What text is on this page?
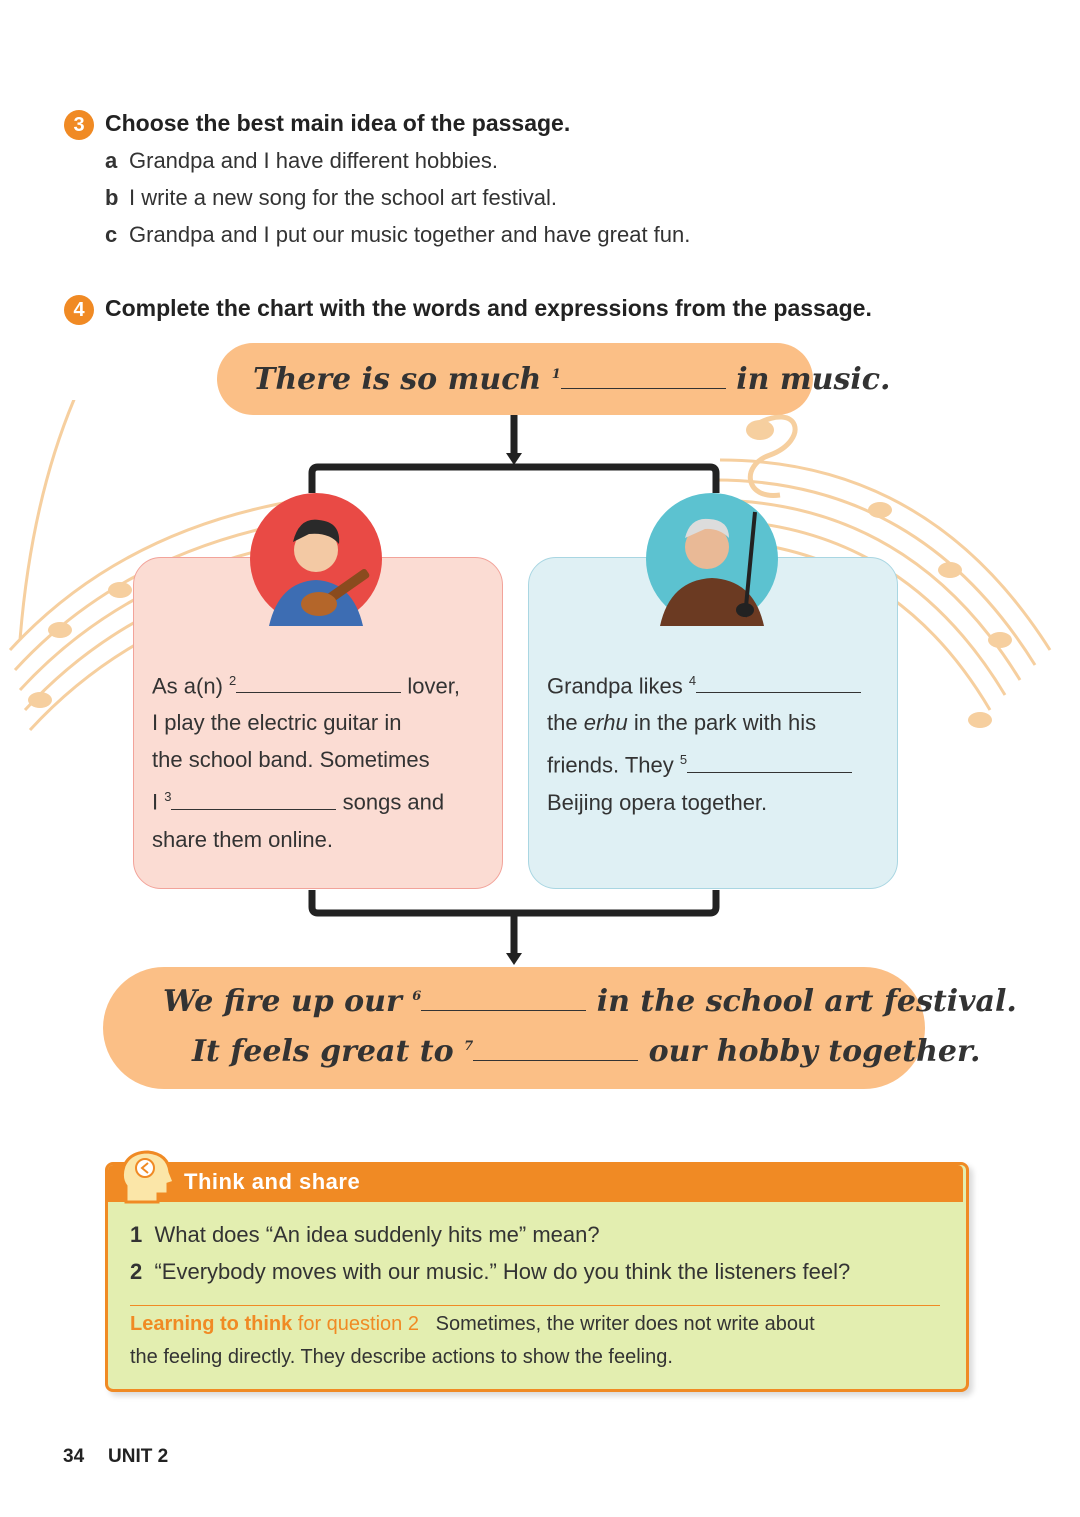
3 Choose the best main idea of the passage.
a Grandpa and I have different hobbies.
b I write a new song for the school art festival.
c Grandpa and I put our music together and have great fun.
4 Complete the chart with the words and expressions from the passage.
There is so much $^1$	in music.
As a(n) $^2$	lover,
I play the electric guitar in
the school band. Sometimes
I $^3$	songs and
share them online.
Grandpa likes $^4$
the erhu in the park with his
friends. They $^5$
Beijing opera together.
We fire up our $^6$	in the school art festival.
It feels great to $^7$	our hobby together.
Think and share
1 What does “An idea suddenly hits me” mean?
2 “Everybody moves with our music.” How do you think the listeners feel?
Learning to think for question 2 Sometimes, the writer does not write about
the feeling directly. They describe actions to show the feeling.
34 UNIT 2
